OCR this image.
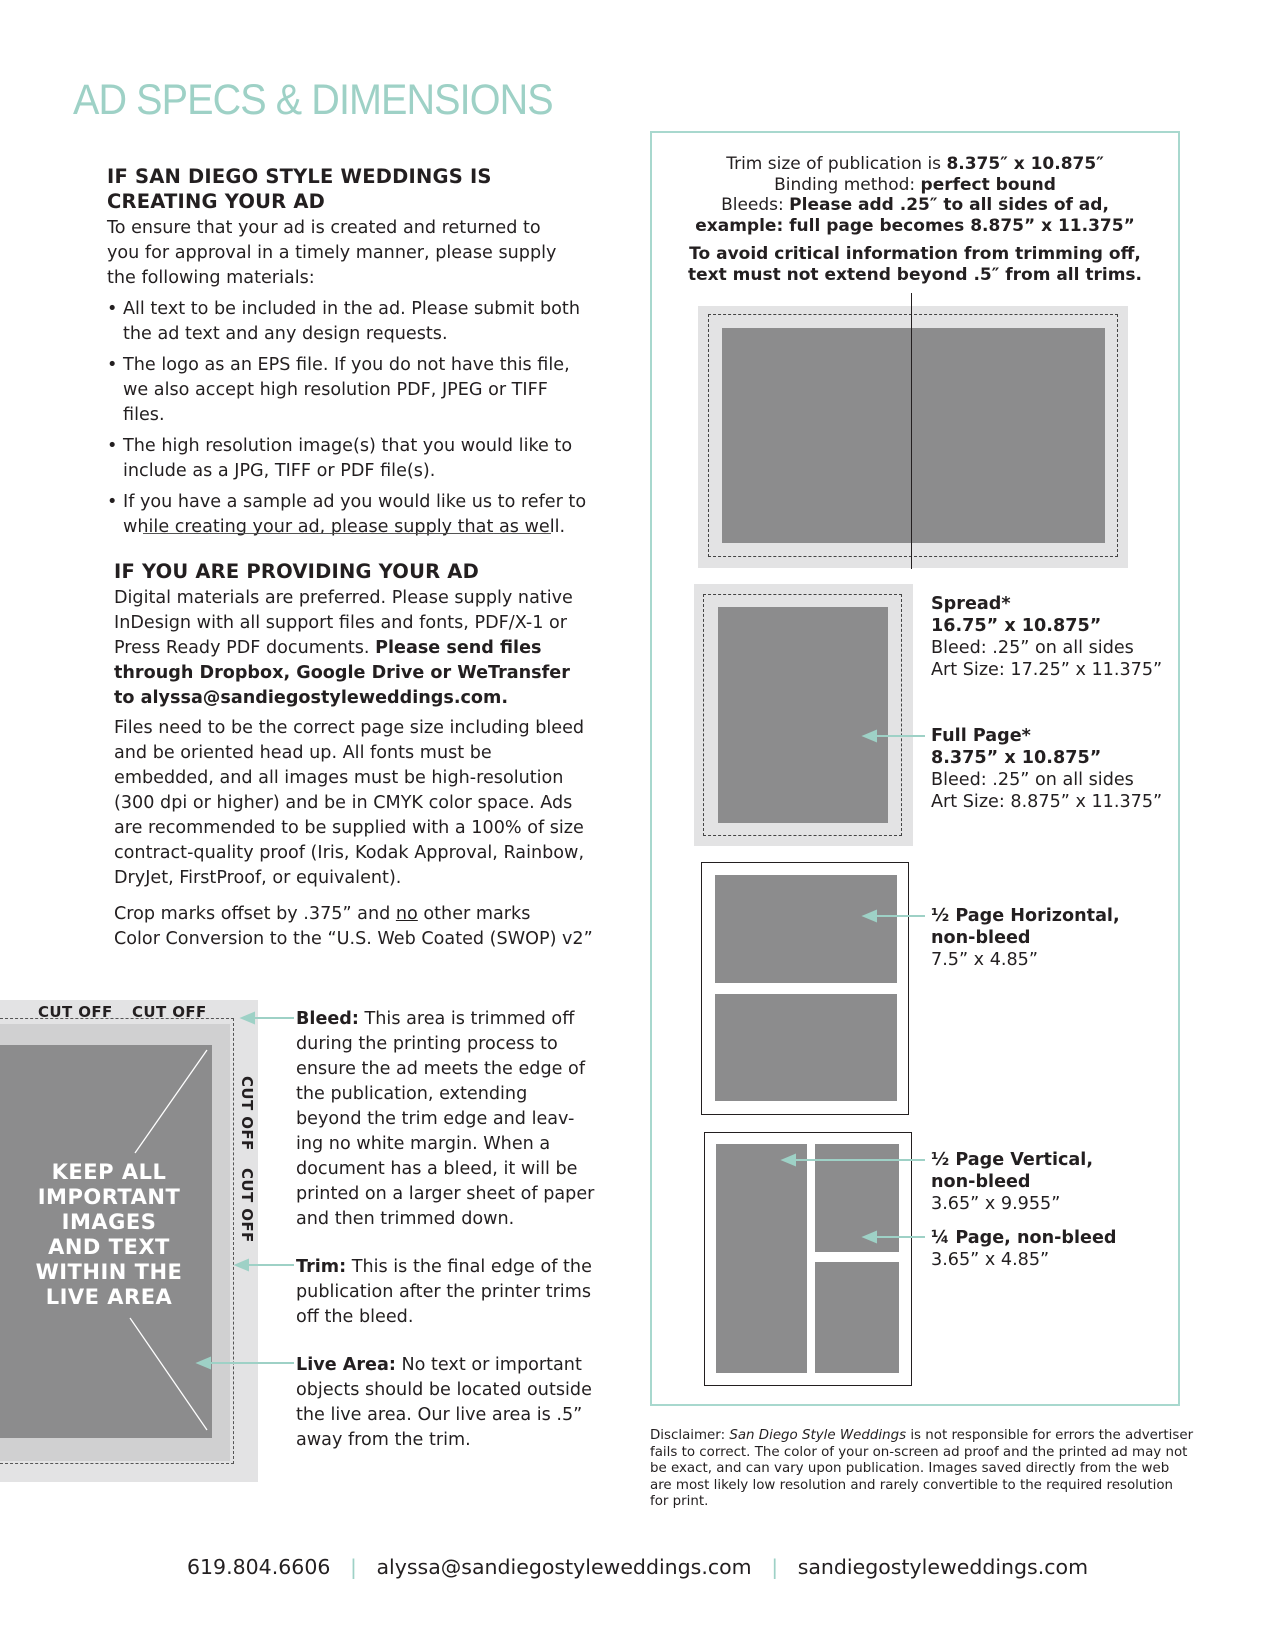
AD SPECS & DIMENSIONS
IF SAN DIEGO STYLE WEDDINGS IS
CREATING YOUR AD
To ensure that your ad is created and returned to you for approval in a timely manner, please supply the following materials:
• All text to be included in the ad. Please submit both the ad text and any design requests.
• The logo as an EPS file. If you do not have this file, we also accept high resolution PDF, JPEG or TIFF files.
• The high resolution image(s) that you would like to include as a JPG, TIFF or PDF file(s).
• If you have a sample ad you would like us to refer to while creating your ad, please supply that as well.
IF YOU ARE PROVIDING YOUR AD
Digital materials are preferred. Please supply native InDesign with all support files and fonts, PDF/X-1 or Press Ready PDF documents. Please send files through Dropbox, Google Drive or WeTransfer to alyssa@sandiegostyleweddings.com.
Files need to be the correct page size including bleed and be oriented head up. All fonts must be embedded, and all images must be high-resolution (300 dpi or higher) and be in CMYK color space. Ads are recommended to be supplied with a 100% of size contract-quality proof (Iris, Kodak Approval, Rainbow, DryJet, FirstProof, or equivalent).
Crop marks offset by .375” and no other marks
Color Conversion to the “U.S. Web Coated (SWOP) v2”
CUT OFF CUT OFF
CUT OFF
CUT OFF
KEEP ALL
IMPORTANT
IMAGES
AND TEXT
WITHIN THE
LIVE AREA
Bleed: This area is trimmed off during the printing process to ensure the ad meets the edge of the publication, extending beyond the trim edge and leav-ing no white margin. When a document has a bleed, it will be printed on a larger sheet of paper and then trimmed down.
Trim: This is the final edge of the publication after the printer trims off the bleed.
Live Area: No text or important objects should be located outside the live area. Our live area is .5” away from the trim.
Trim size of publication is 8.375″ x 10.875″
Binding method: perfect bound
Bleeds: Please add .25″ to all sides of ad,
example: full page becomes 8.875” x 11.375”
To avoid critical information from trimming off,
text must not extend beyond .5″ from all trims.
Spread*
16.75” x 10.875”
Bleed: .25” on all sides
Art Size: 17.25” x 11.375”
Full Page*
8.375” x 10.875”
Bleed: .25” on all sides
Art Size: 8.875” x 11.375”
½ Page Horizontal,
non-bleed
7.5” x 4.85”
½ Page Vertical,
non-bleed
3.65” x 9.955”
¼ Page, non-bleed
3.65” x 4.85”
Disclaimer: San Diego Style Weddings is not responsible for errors the advertiser fails to correct. The color of your on-screen ad proof and the printed ad may not be exact, and can vary upon publication. Images saved directly from the web are most likely low resolution and rarely convertible to the required resolution for print.
619.804.6606 | alyssa@sandiegostyleweddings.com | sandiegostyleweddings.com
